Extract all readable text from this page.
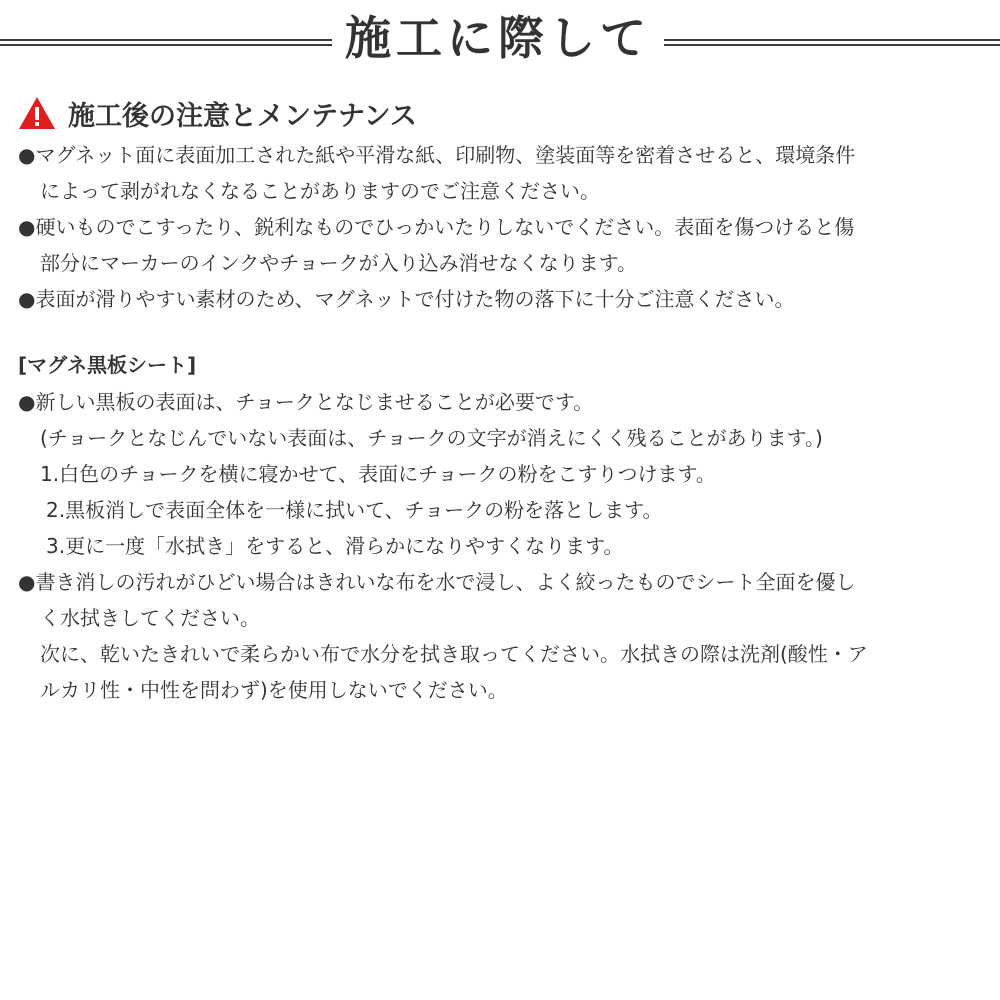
施工に際して
施工後の注意とメンテナンス
●マグネット面に表面加工された紙や平滑な紙、印刷物、塗装面等を密着させると、環境条件
によって剥がれなくなることがありますのでご注意ください。
●硬いものでこすったり、鋭利なものでひっかいたりしないでください。表面を傷つけると傷
部分にマーカーのインクやチョークが入り込み消せなくなります。
●表面が滑りやすい素材のため、マグネットで付けた物の落下に十分ご注意ください。
[マグネ黒板シート]
●新しい黒板の表面は、チョークとなじませることが必要です。
(チョークとなじんでいない表面は、チョークの文字が消えにくく残ることがあります。)
1.白色のチョークを横に寝かせて、表面にチョークの粉をこすりつけます。
2.黒板消しで表面全体を一様に拭いて、チョークの粉を落とします。
3.更に一度「水拭き」をすると、滑らかになりやすくなります。
●書き消しの汚れがひどい場合はきれいな布を水で浸し、よく絞ったものでシート全面を優し
く水拭きしてください。
次に、乾いたきれいで柔らかい布で水分を拭き取ってください。水拭きの際は洗剤(酸性・ア
ルカリ性・中性を問わず)を使用しないでください。
